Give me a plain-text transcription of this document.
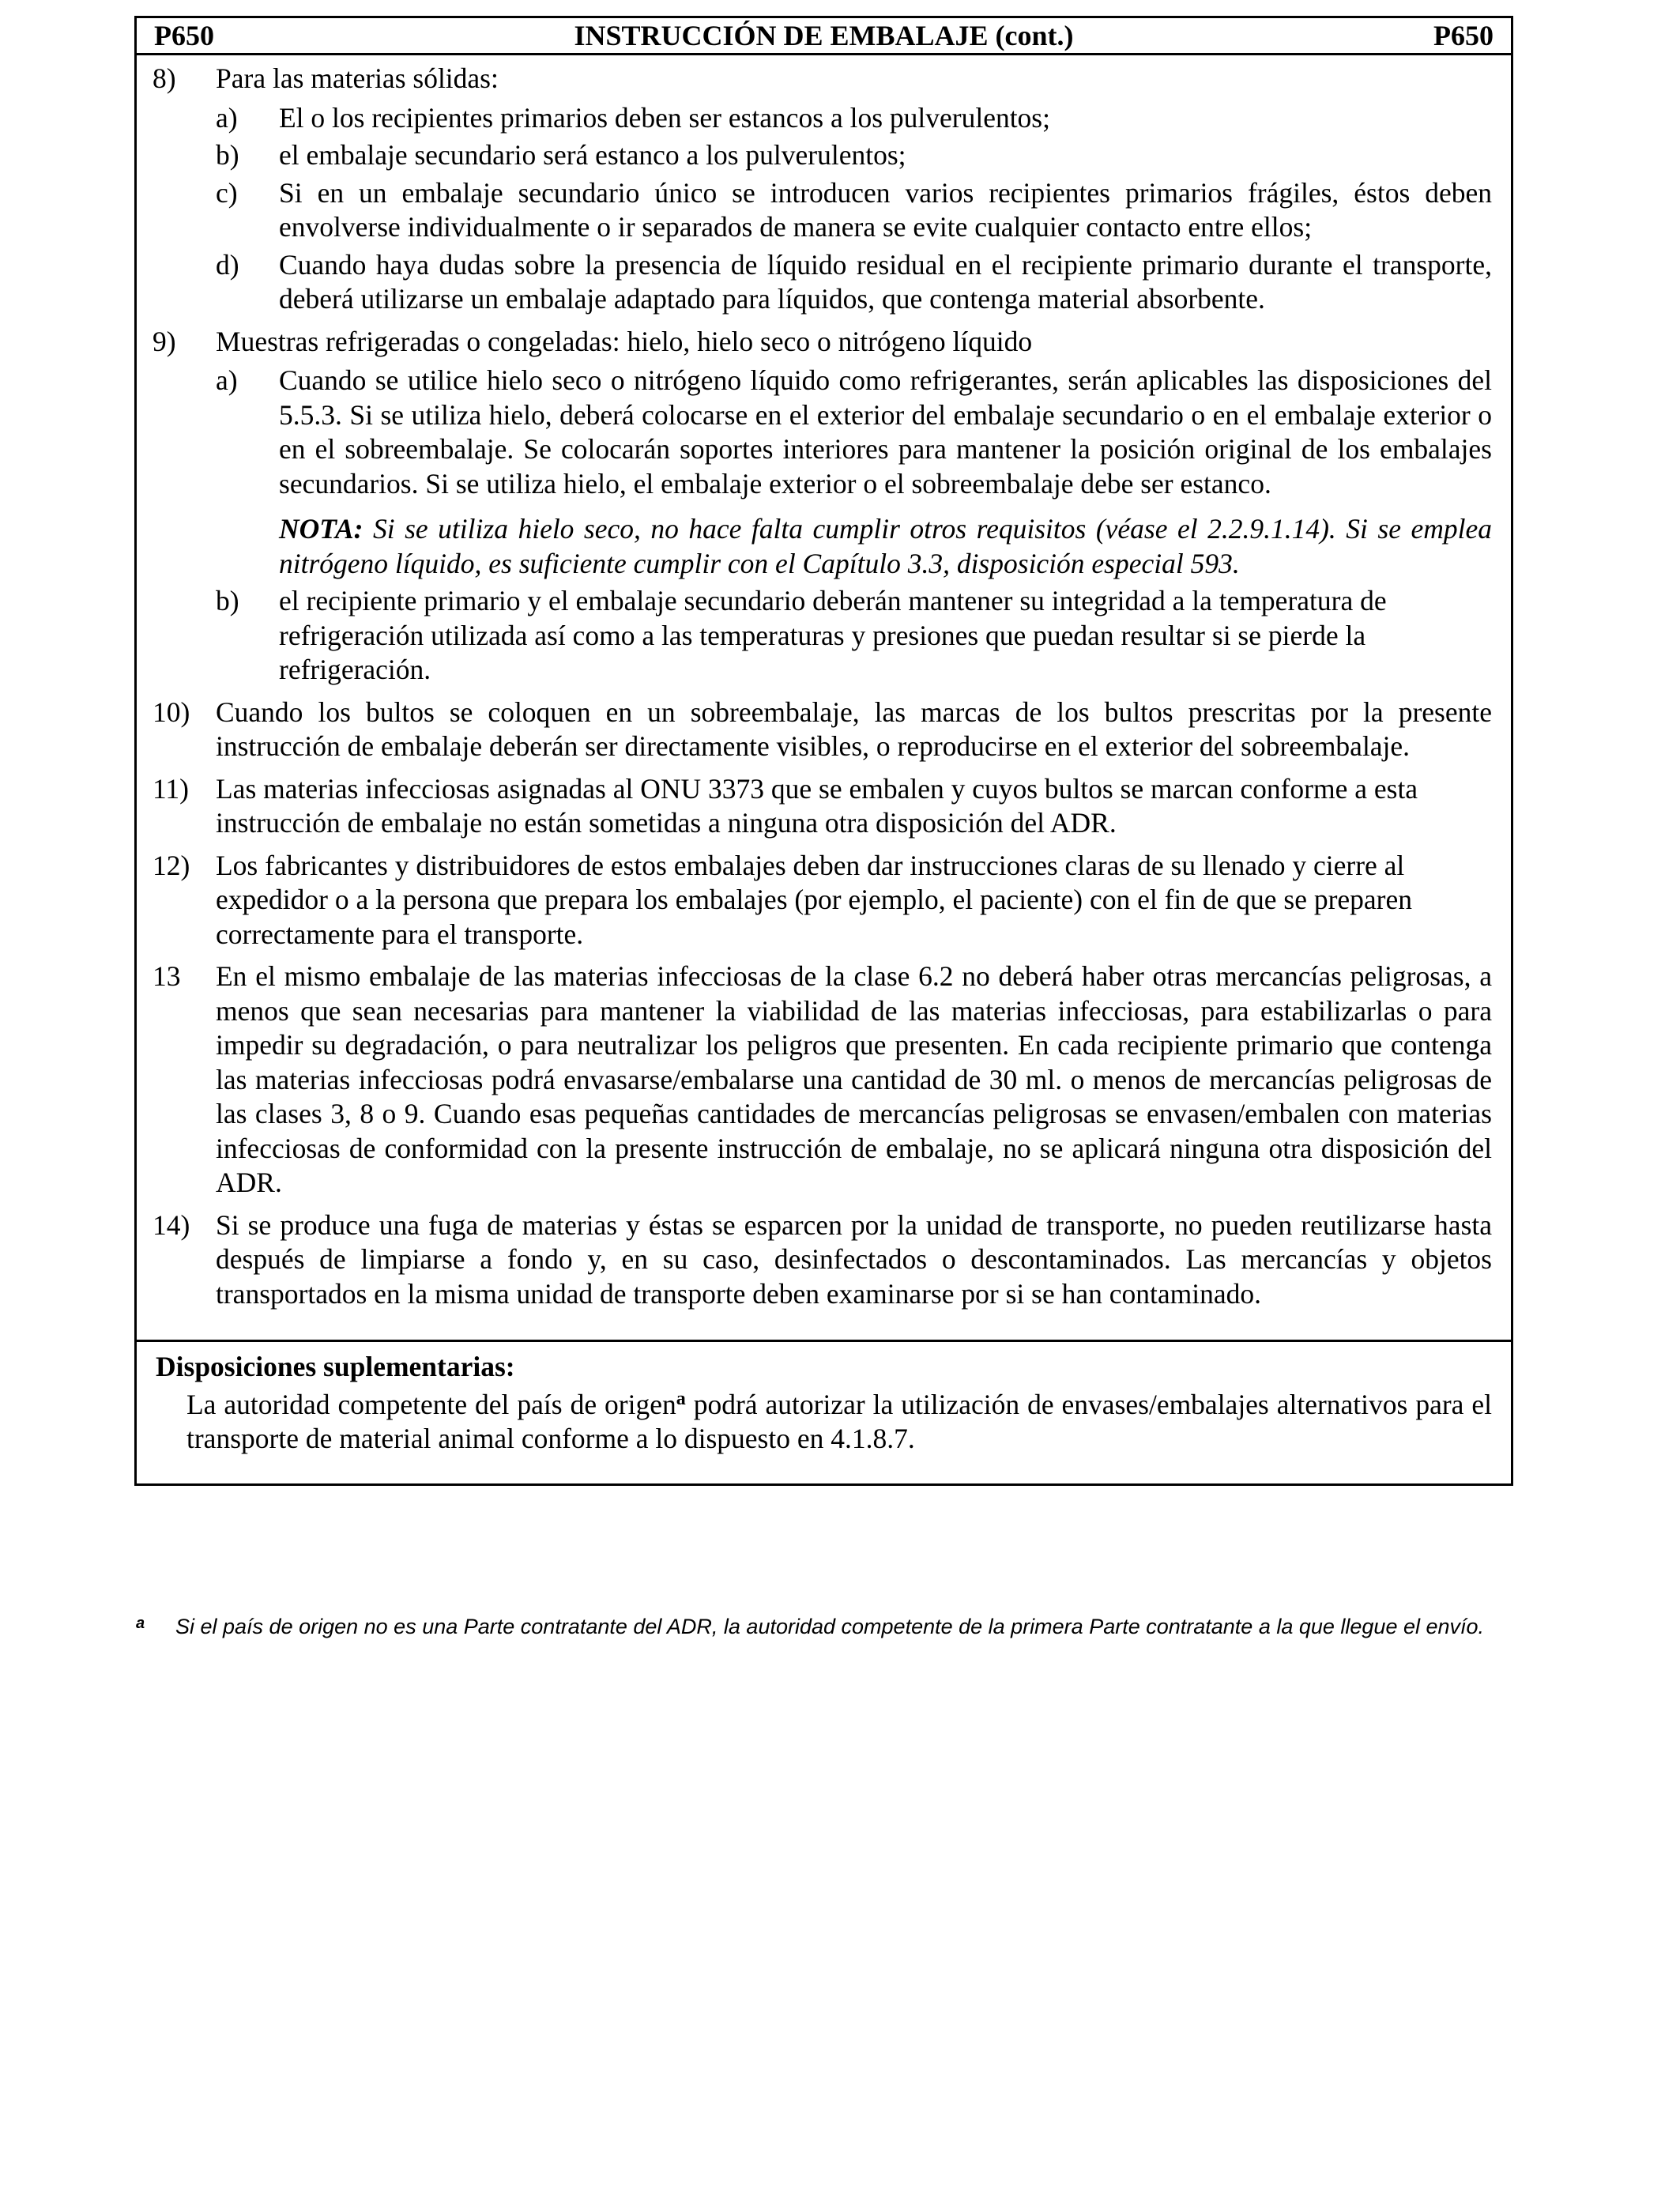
P650	INSTRUCCIÓN DE EMBALAJE (cont.)	P650
8)	Para las materias sólidas:
a)	El o los recipientes primarios deben ser estancos a los pulverulentos;
b)	el embalaje secundario será estanco a los pulverulentos;
c)	Si en un embalaje secundario único se introducen varios recipientes primarios frágiles, éstos deben envolverse individualmente o ir separados de manera se evite cualquier contacto entre ellos;
d)	Cuando haya dudas sobre la presencia de líquido residual en el recipiente primario durante el transporte, deberá utilizarse un embalaje adaptado para líquidos, que contenga material absorbente.
9)	Muestras refrigeradas o congeladas: hielo, hielo seco o nitrógeno líquido
a)	Cuando se utilice hielo seco o nitrógeno líquido como refrigerantes, serán aplicables las disposiciones del 5.5.3. Si se utiliza hielo, deberá colocarse en el exterior del embalaje secundario o en el embalaje exterior o en el sobreembalaje. Se colocarán soportes interiores para mantener la posición original de los embalajes secundarios. Si se utiliza hielo, el embalaje exterior o el sobreembalaje debe ser estanco.
NOTA: Si se utiliza hielo seco, no hace falta cumplir otros requisitos (véase el 2.2.9.1.14). Si se emplea nitrógeno líquido, es suficiente cumplir con el Capítulo 3.3, disposición especial 593.
b)	el recipiente primario y el embalaje secundario deberán mantener su integridad a la temperatura de refrigeración utilizada así como a las temperaturas y presiones que puedan resultar si se pierde la refrigeración.
10) Cuando los bultos se coloquen en un sobreembalaje, las marcas de los bultos prescritas por la presente instrucción de embalaje deberán ser directamente visibles, o reproducirse en el exterior del sobreembalaje.
11) Las materias infecciosas asignadas al ONU 3373 que se embalen y cuyos bultos se marcan conforme a esta instrucción de embalaje no están sometidas a ninguna otra disposición del ADR.
12) Los fabricantes y distribuidores de estos embalajes deben dar instrucciones claras de su llenado y cierre al expedidor o a la persona que prepara los embalajes (por ejemplo, el paciente) con el fin de que se preparen correctamente para el transporte.
13	En el mismo embalaje de las materias infecciosas de la clase 6.2 no deberá haber otras mercancías peligrosas, a menos que sean necesarias para mantener la viabilidad de las materias infecciosas, para estabilizarlas o para impedir su degradación, o para neutralizar los peligros que presenten. En cada recipiente primario que contenga las materias infecciosas podrá envasarse/embalarse una cantidad de 30 ml. o menos de mercancías peligrosas de las clases 3, 8 o 9. Cuando esas pequeñas cantidades de mercancías peligrosas se envasen/embalen con materias infecciosas de conformidad con la presente instrucción de embalaje, no se aplicará ninguna otra disposición del ADR.
14) Si se produce una fuga de materias y éstas se esparcen por la unidad de transporte, no pueden reutilizarse hasta después de limpiarse a fondo y, en su caso, desinfectados o descontaminados. Las mercancías y objetos transportados en la misma unidad de transporte deben examinarse por si se han contaminado.
Disposiciones suplementarias:
La autoridad competente del país de origen$^a$ podrá autorizar la utilización de envases/embalajes alternativos para el transporte de material animal conforme a lo dispuesto en 4.1.8.7.
a	Si el país de origen no es una Parte contratante del ADR, la autoridad competente de la primera Parte contratante a la que llegue el envío.
